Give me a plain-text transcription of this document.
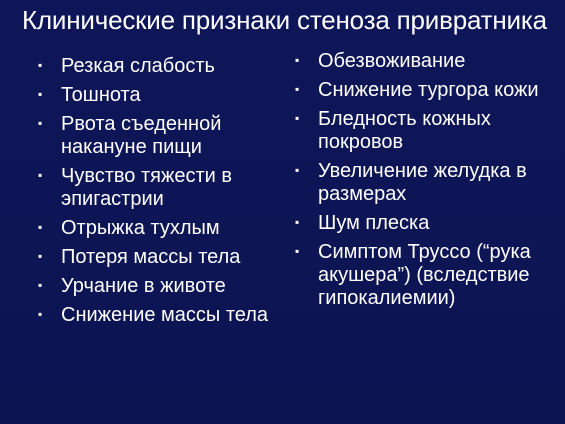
Клинические признаки стеноза привратника
▪ Резкая слабость
▪ Тошнота
▪ Рвота съеденной накануне пищи
▪ Чувство тяжести в эпигастрии
▪ Отрыжка тухлым
▪ Потеря массы тела
▪ Урчание в животе
▪ Снижение массы тела
▪ Обезвоживание
▪ Снижение тургора кожи
▪ Бледность кожных покровов
▪ Увеличение желудка в размерах
▪ Шум плеска
▪ Симптом Труссо (“рука акушера”) (вследствие гипокалиемии)
